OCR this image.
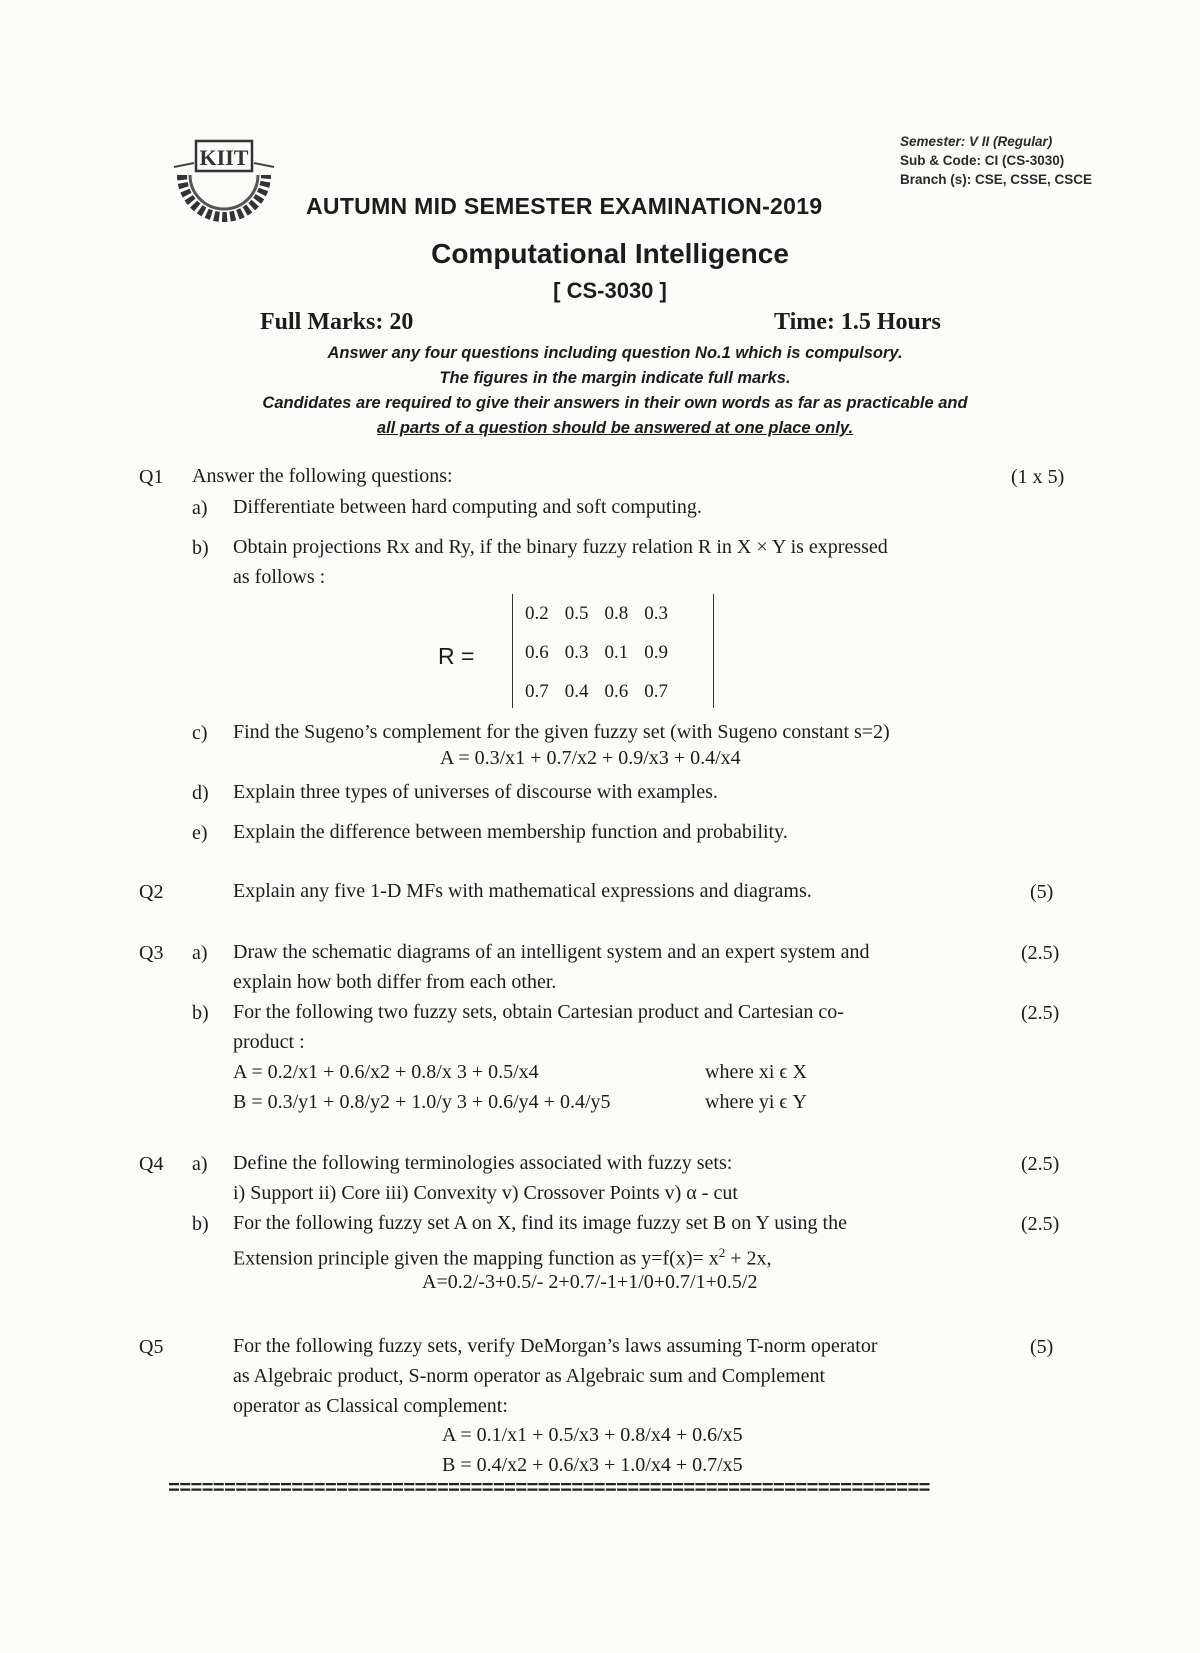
KIIT
Semester: V II (Regular)
Sub & Code: CI (CS-3030)
Branch (s): CSE, CSSE, CSCE
AUTUMN MID SEMESTER EXAMINATION-2019
Computational Intelligence
[ CS-3030 ]
Full Marks: 20	Time: 1.5 Hours
Answer any four questions including question No.1 which is compulsory.
The figures in the margin indicate full marks.
Candidates are required to give their answers in their own words as far as practicable and
all parts of a question should be answered at one place only.
Q1 Answer the following questions:	(1 x 5)
a) Differentiate between hard computing and soft computing.
b) Obtain projections Rx and Ry, if the binary fuzzy relation R in X × Y is expressed
as follows :
R =
0.2	0.5	0.8	0.3
0.6	0.3	0.1	0.9
0.7	0.4	0.6	0.7
c) Find the Sugeno’s complement for the given fuzzy set (with Sugeno constant s=2)
A = 0.3/x1 + 0.7/x2 + 0.9/x3 + 0.4/x4
d) Explain three types of universes of discourse with examples.
e) Explain the difference between membership function and probability.
Q2	Explain any five 1-D MFs with mathematical expressions and diagrams.	(5)
Q3 a) Draw the schematic diagrams of an intelligent system and an expert system and
explain how both differ from each other.
(2.5)
b) For the following two fuzzy sets, obtain Cartesian product and Cartesian co-
product :
(2.5)
A = 0.2/x1 + 0.6/x2 + 0.8/x 3 + 0.5/x4	where xi ϵ X
B = 0.3/y1 + 0.8/y2 + 1.0/y 3 + 0.6/y4 + 0.4/y5	where yi ϵ Y
Q4 a) Define the following terminologies associated with fuzzy sets:
i) Support ii) Core iii) Convexity v) Crossover Points v) α - cut
(2.5)
b) For the following fuzzy set A on X, find its image fuzzy set B on Y using the
Extension principle given the mapping function as $y=f(x)= x^2 + 2x$,
(2.5)
A=0.2/-3+0.5/- 2+0.7/-1+1/0+0.7/1+0.5/2
Q5	For the following fuzzy sets, verify DeMorgan’s laws assuming T-norm operator
as Algebraic product, S-norm operator as Algebraic sum and Complement
operator as Classical complement:
(5)
A = 0.1/x1 + 0.5/x3 + 0.8/x4 + 0.6/x5
B = 0.4/x2 + 0.6/x3 + 1.0/x4 + 0.7/x5
====================================================================
